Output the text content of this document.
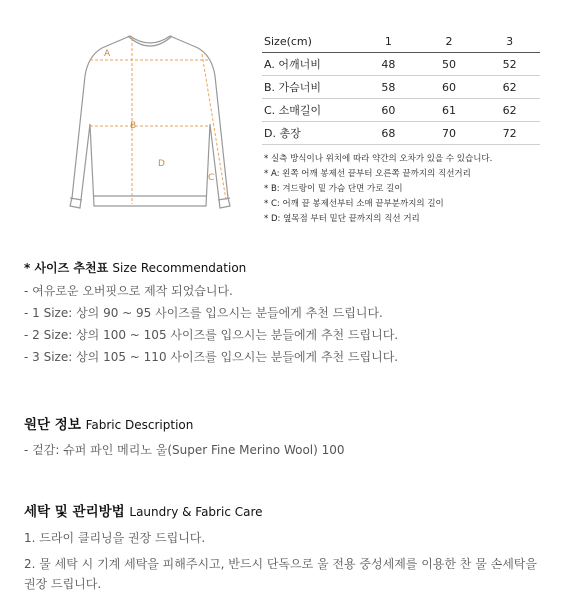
A
B
C
D
Size(cm)	1	2	3
A. 어깨너비	48	50	52
B. 가슴너비	58	60	62
C. 소매길이	60	61	62
D. 총장	68	70	72
* 실측 방식이나 위치에 따라 약간의 오차가 있을 수 있습니다.
* A: 왼쪽 어깨 봉제선 끝부터 오른쪽 끝까지의 직선거리
* B: 겨드랑이 밑 가슴 단면 가로 길이
* C: 어깨 끝 봉제선부터 소매 끝부분까지의 길이
* D: 옆목점 부터 밑단 끝까지의 직선 거리
* 사이즈 추천표 Size Recommendation
- 여유로운 오버핏으로 제작 되었습니다.
- 1 Size: 상의 90 ~ 95 사이즈를 입으시는 분들에게 추천 드립니다.
- 2 Size: 상의 100 ~ 105 사이즈를 입으시는 분들에게 추천 드립니다.
- 3 Size: 상의 105 ~ 110 사이즈를 입으시는 분들에게 추천 드립니다.
원단 정보 Fabric Description
- 겉감: 슈퍼 파인 메리노 울(Super Fine Merino Wool) 100
세탁 및 관리방법 Laundry & Fabric Care
1. 드라이 클리닝을 권장 드립니다.
2. 물 세탁 시 기계 세탁을 피해주시고, 반드시 단독으로 울 전용 중성세제를 이용한 찬 물 손세탁을
권장 드립니다.
